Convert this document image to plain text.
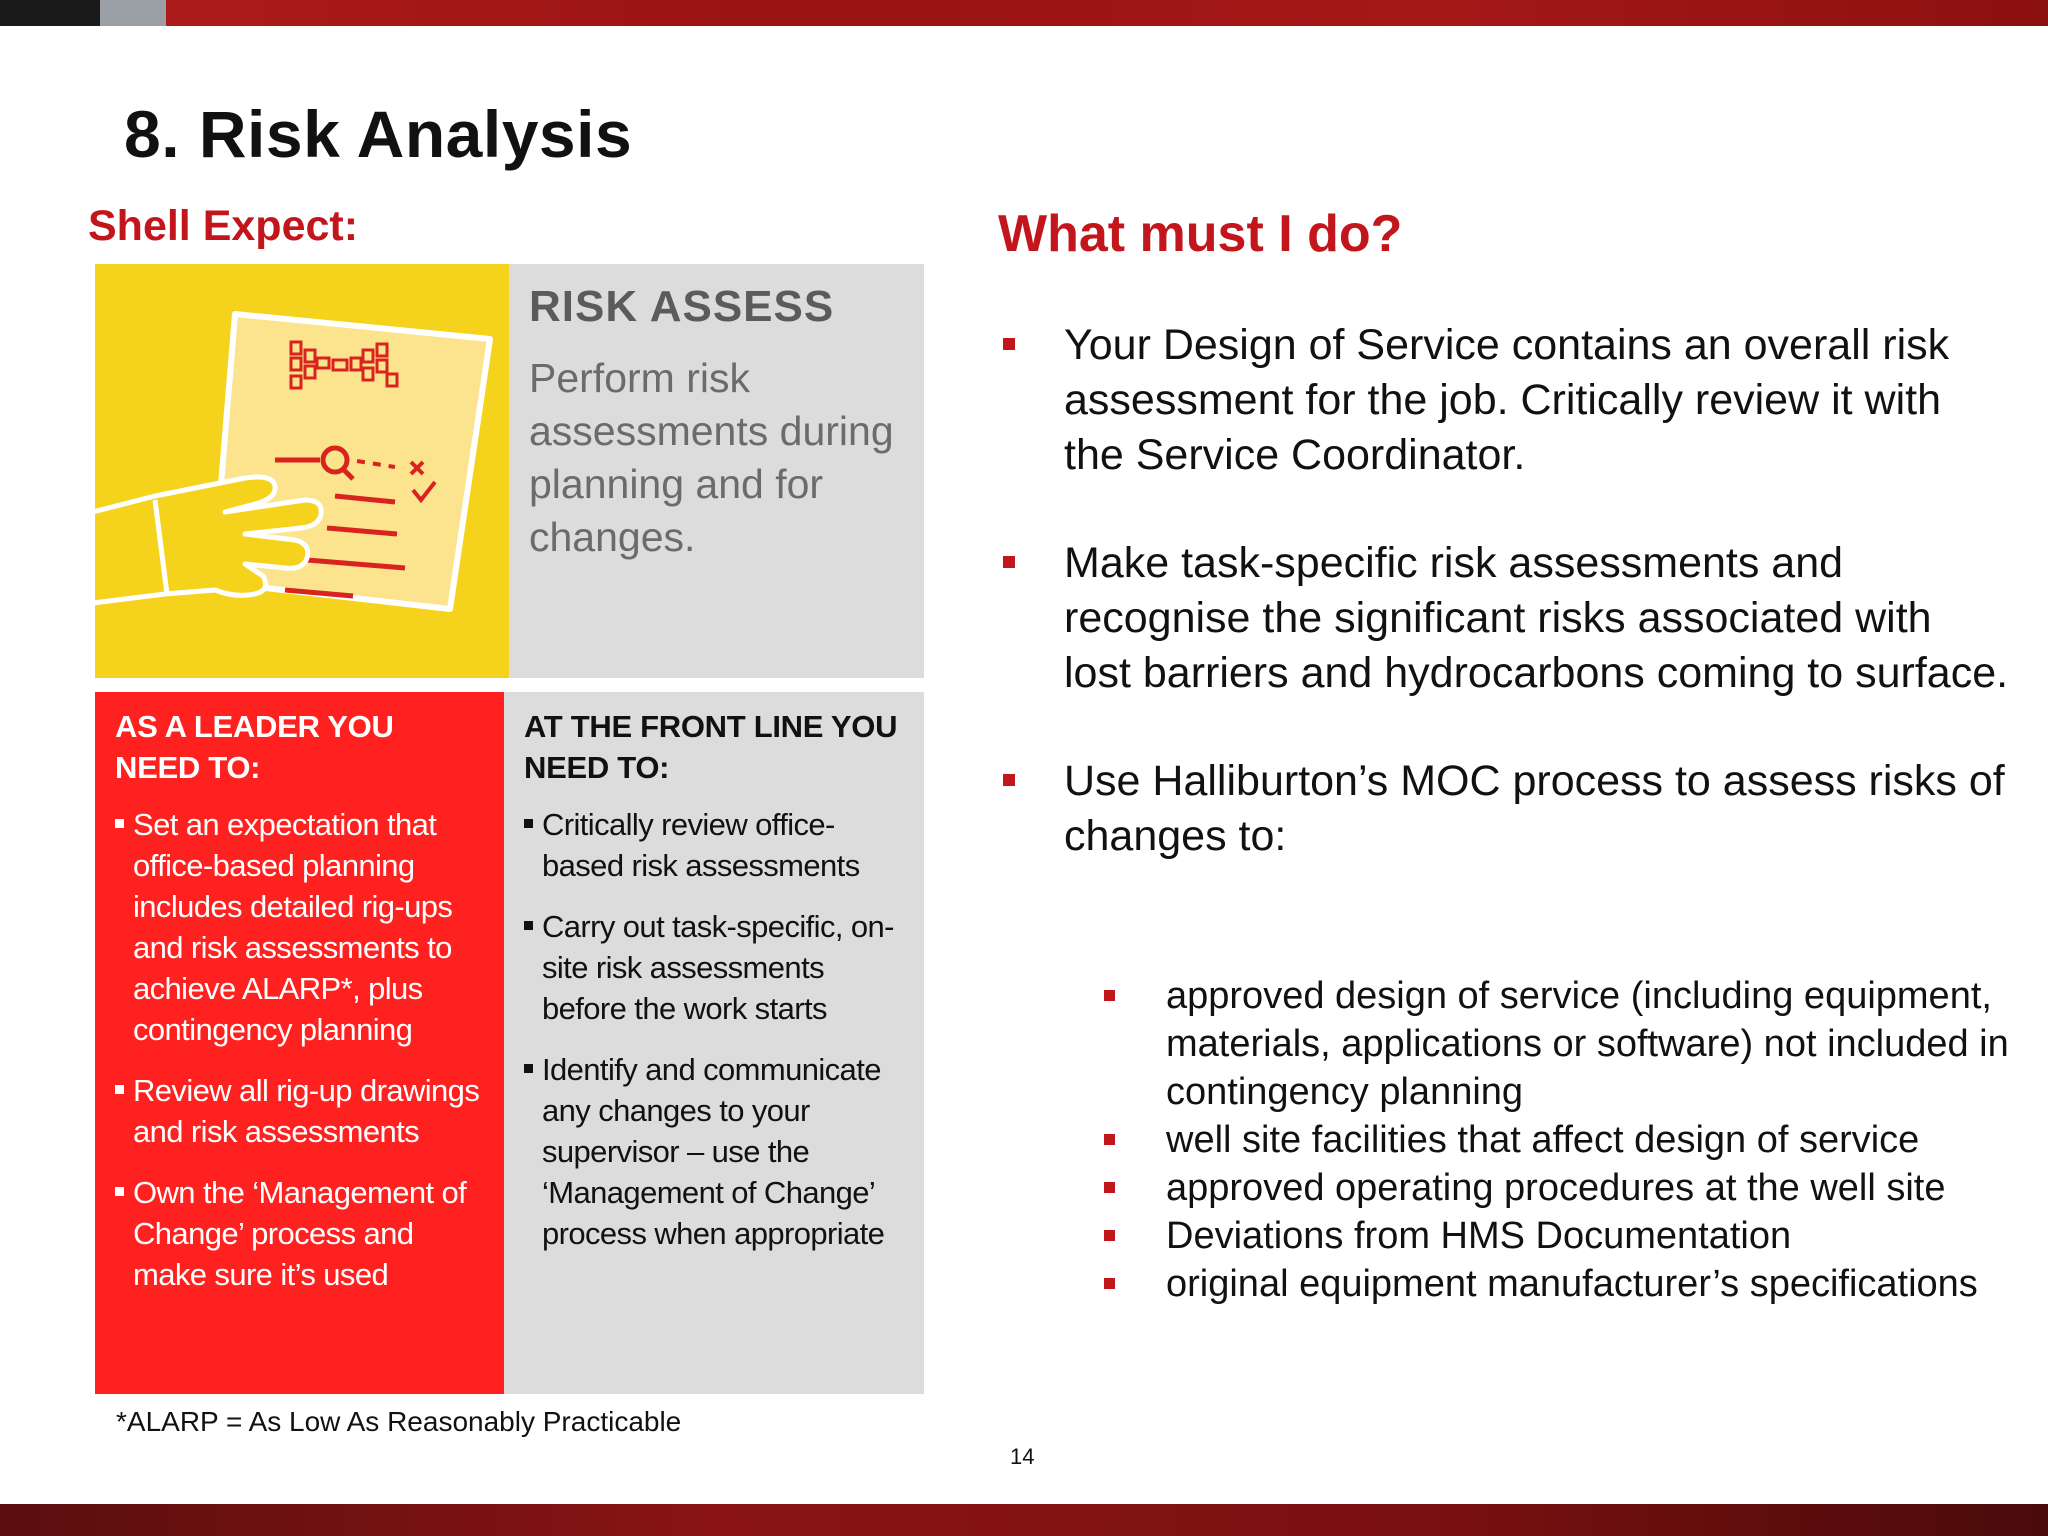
8. Risk Analysis
Shell Expect:	What must I do?
RISK ASSESS

Perform risk assessments during planning and for changes.

AS A LEADER YOU NEED TO:
Set an expectation that office-based planning includes detailed rig-ups and risk assessments to achieve ALARP*, plus contingency planning
Review all rig-up drawings and risk assessments
Own the ‘Management of Change’ process and make sure it’s used
AT THE FRONT LINE YOU NEED TO:
Critically review office-based risk assessments
Carry out task-specific, on-site risk assessments before the work starts
Identify and communicate any changes to your supervisor – use the ‘Management of Change’ process when appropriate

*ALARP = As Low As Reasonably Practicable

14

Your Design of Service contains an overall risk assessment for the job. Critically review it with the Service Coordinator.
Make task-specific risk assessments and recognise the significant risks associated with lost barriers and hydrocarbons coming to surface.
Use Halliburton’s MOC process to assess risks of changes to:
approved design of service (including equipment, materials, applications or software) not included in contingency planning
well site facilities that affect design of service
approved operating procedures at the well site
Deviations from HMS Documentation
original equipment manufacturer’s specifications
